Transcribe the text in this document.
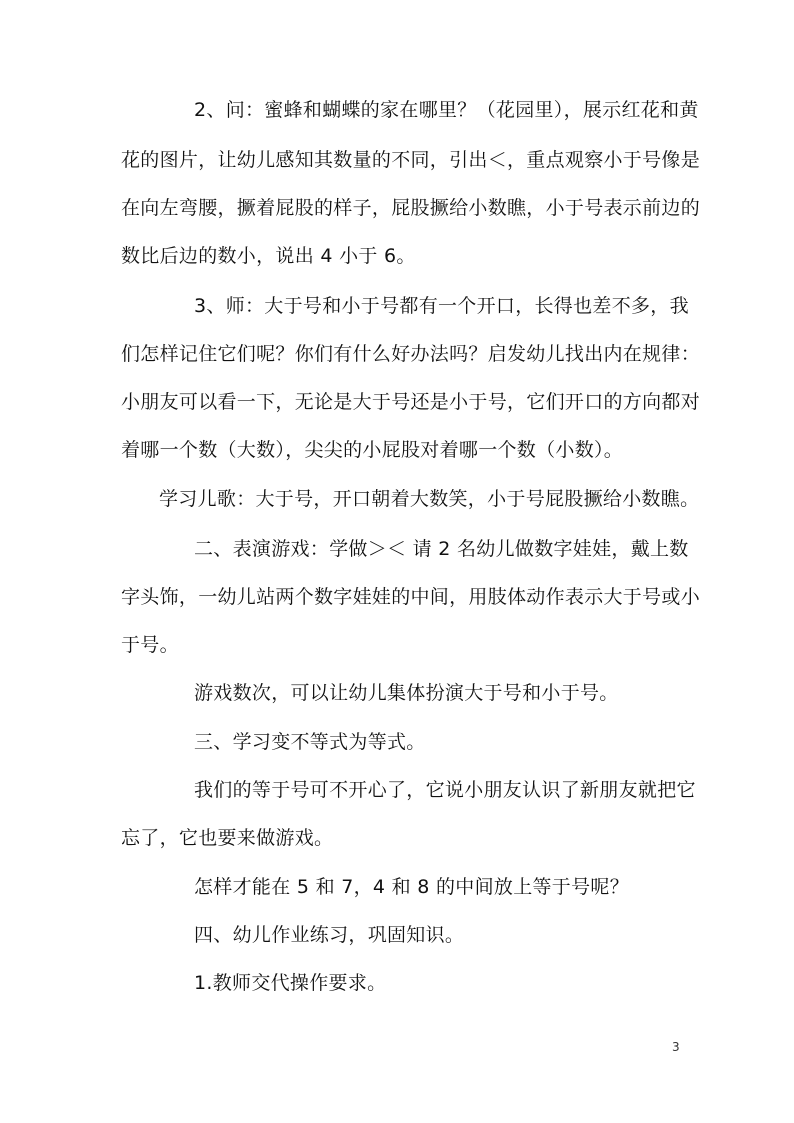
2、问：蜜蜂和蝴蝶的家在哪里？（花园里），展示红花和黄
花的图片，让幼儿感知其数量的不同，引出＜，重点观察小于号像是
在向左弯腰，撅着屁股的样子，屁股撅给小数瞧，小于号表示前边的
数比后边的数小，说出 4 小于 6。
3、师：大于号和小于号都有一个开口，长得也差不多，我
们怎样记住它们呢？你们有什么好办法吗？启发幼儿找出内在规律：
小朋友可以看一下，无论是大于号还是小于号，它们开口的方向都对
着哪一个数（大数），尖尖的小屁股对着哪一个数（小数）。
学习儿歌：大于号，开口朝着大数笑，小于号屁股撅给小数瞧。
二、表演游戏：学做＞＜ 请 2 名幼儿做数字娃娃，戴上数
字头饰，一幼儿站两个数字娃娃的中间，用肢体动作表示大于号或小
于号。
游戏数次，可以让幼儿集体扮演大于号和小于号。
三、学习变不等式为等式。
我们的等于号可不开心了，它说小朋友认识了新朋友就把它
忘了，它也要来做游戏。
怎样才能在 5 和 7，4 和 8 的中间放上等于号呢？
四、幼儿作业练习，巩固知识。
1.教师交代操作要求。
3
